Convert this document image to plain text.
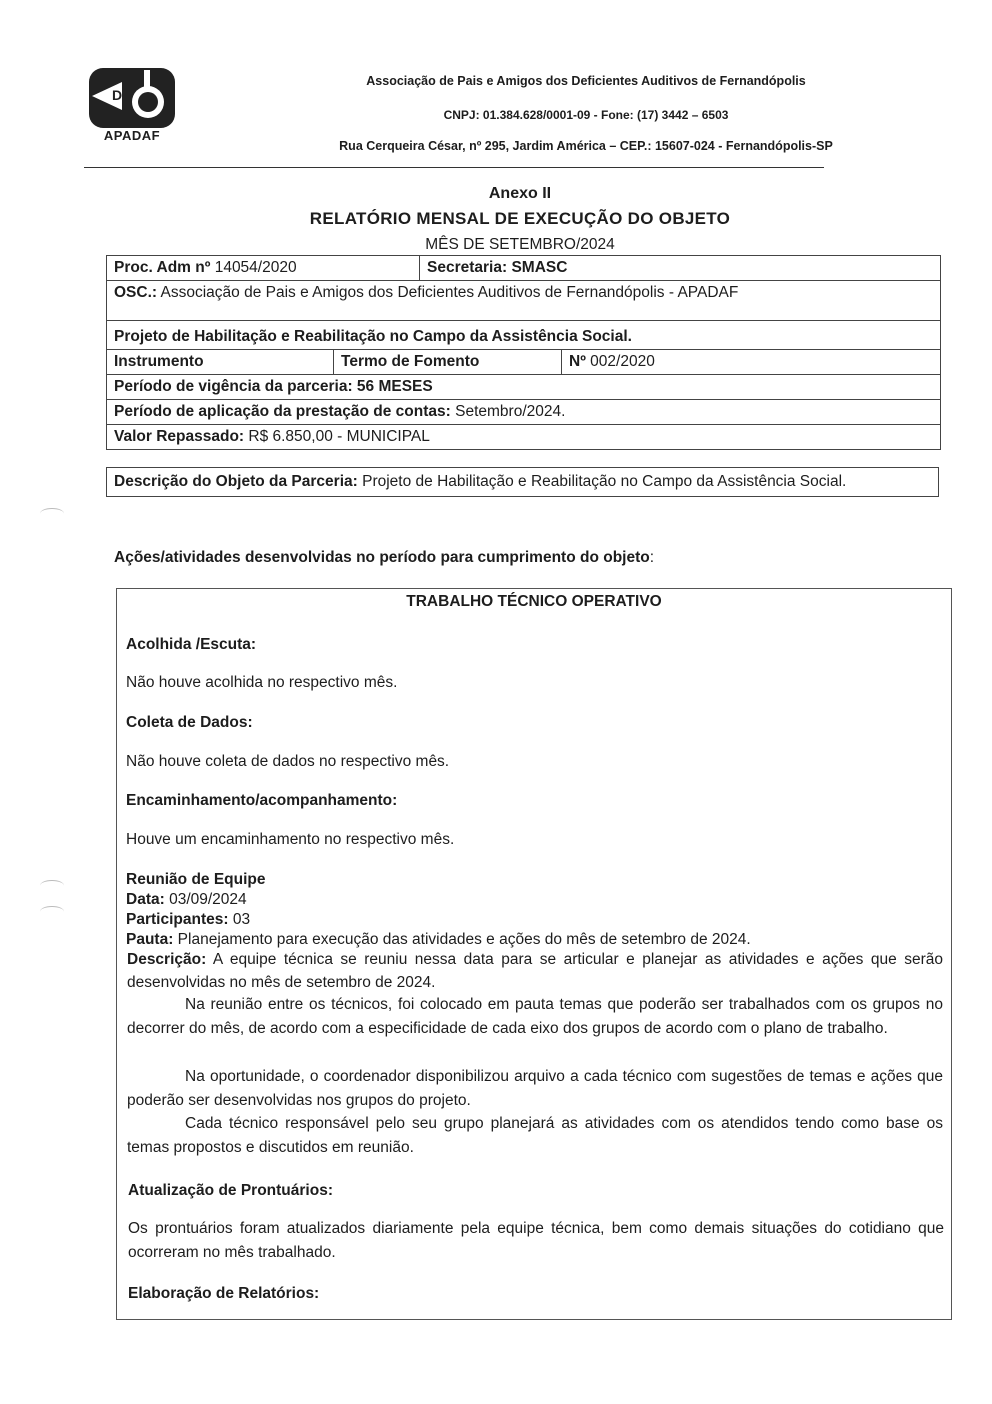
D
APADAF
Associação de Pais e Amigos dos Deficientes Auditivos de Fernandópolis
CNPJ: 01.384.628/0001-09 - Fone: (17) 3442 – 6503
Rua Cerqueira César, nº 295, Jardim América – CEP.: 15607-024 - Fernandópolis-SP
Anexo II
RELATÓRIO MENSAL DE EXECUÇÃO DO OBJETO
MÊS DE SETEMBRO/2024
Proc. Adm nº 14054/2020	Secretaria: SMASC
OSC.: Associação de Pais e Amigos dos Deficientes Auditivos de Fernandópolis - APADAF
Projeto de Habilitação e Reabilitação no Campo da Assistência Social.
Instrumento	Termo de Fomento	Nº 002/2020
Período de vigência da parceria: 56 MESES
Período de aplicação da prestação de contas: Setembro/2024.
Valor Repassado: R$ 6.850,00 - MUNICIPAL
Descrição do Objeto da Parceria: Projeto de Habilitação e Reabilitação no Campo da Assistência Social.
Ações/atividades desenvolvidas no período para cumprimento do objeto:
TRABALHO TÉCNICO OPERATIVO
Acolhida /Escuta:
Não houve acolhida no respectivo mês.
Coleta de Dados:
Não houve coleta de dados no respectivo mês.
Encaminhamento/acompanhamento:
Houve um encaminhamento no respectivo mês.
Reunião de Equipe
Data: 03/09/2024
Participantes: 03
Pauta: Planejamento para execução das atividades e ações do mês de setembro de 2024.
Descrição: A equipe técnica se reuniu nessa data para se articular e planejar as atividades e ações que serão desenvolvidas no mês de setembro de 2024.
Na reunião entre os técnicos, foi colocado em pauta temas que poderão ser trabalhados com os grupos no decorrer do mês, de acordo com a especificidade de cada eixo dos grupos de acordo com o plano de trabalho.
Na oportunidade, o coordenador disponibilizou arquivo a cada técnico com sugestões de temas e ações que poderão ser desenvolvidas nos grupos do projeto.
Cada técnico responsável pelo seu grupo planejará as atividades com os atendidos tendo como base os temas propostos e discutidos em reunião.
Atualização de Prontuários:
Os prontuários foram atualizados diariamente pela equipe técnica, bem como demais situações do cotidiano que ocorreram no mês trabalhado.
Elaboração de Relatórios:
